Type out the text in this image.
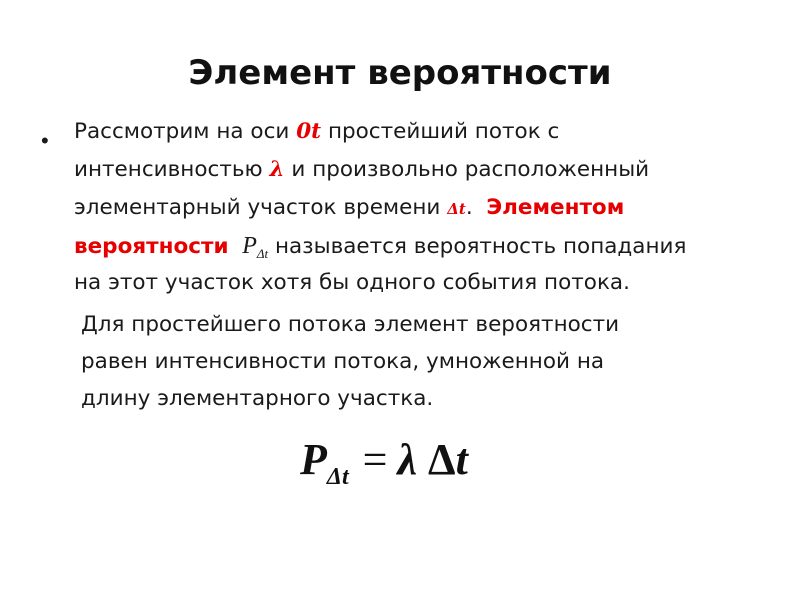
Элемент вероятности
• Рассмотрим на оси 0t простейший поток с
интенсивностью λ и произвольно расположенный
элементарный участок времени Δt.  Элементом
вероятности $P_{\Delta t}$ называется вероятность попадания
на этот участок хотя бы одного события потока.
Для простейшего потока элемент вероятности
равен интенсивности потока, умноженной на
длину элементарного участка.
$P_{\Delta t} = \lambda$ Δt
